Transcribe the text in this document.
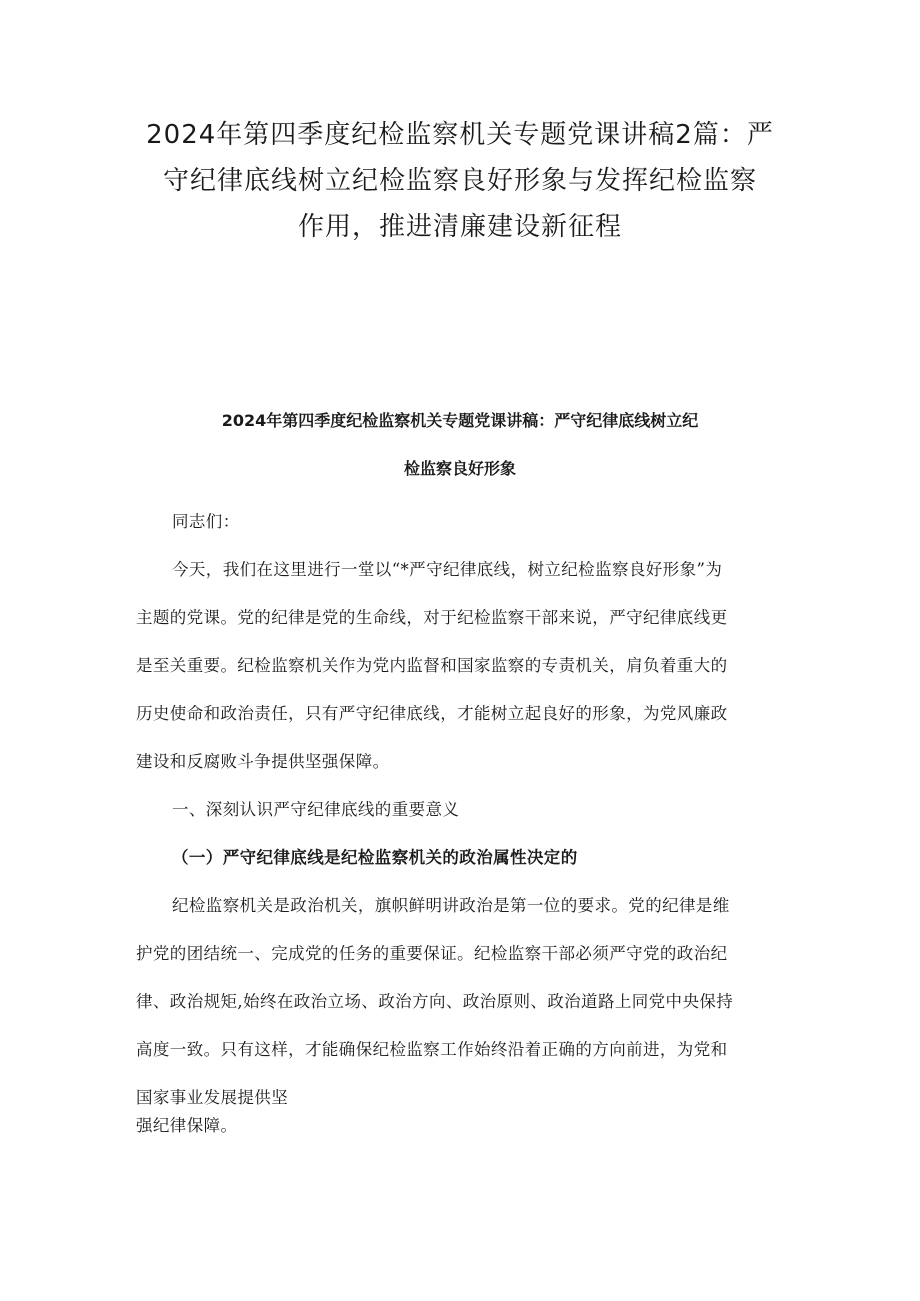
2024年第四季度纪检监察机关专题党课讲稿2篇：严
守纪律底线树立纪检监察良好形象与发挥纪检监察
作用，推进清廉建设新征程
2024年第四季度纪检监察机关专题党课讲稿：严守纪律底线树立纪
检监察良好形象
同志们：
今天，我们在这里进行一堂以“*严守纪律底线，树立纪检监察良好形象”为
主题的党课。党的纪律是党的生命线，对于纪检监察干部来说，严守纪律底线更
是至关重要。纪检监察机关作为党内监督和国家监察的专责机关，肩负着重大的
历史使命和政治责任，只有严守纪律底线，才能树立起良好的形象，为党风廉政
建设和反腐败斗争提供坚强保障。
一、深刻认识严守纪律底线的重要意义
（一）严守纪律底线是纪检监察机关的政治属性决定的
纪检监察机关是政治机关，旗帜鲜明讲政治是第一位的要求。党的纪律是维
护党的团结统一、完成党的任务的重要保证。纪检监察干部必须严守党的政治纪
律、政治规矩,始终在政治立场、政治方向、政治原则、政治道路上同党中央保持
高度一致。只有这样，才能确保纪检监察工作始终沿着正确的方向前进，为党和
国家事业发展提供坚
强纪律保障。
